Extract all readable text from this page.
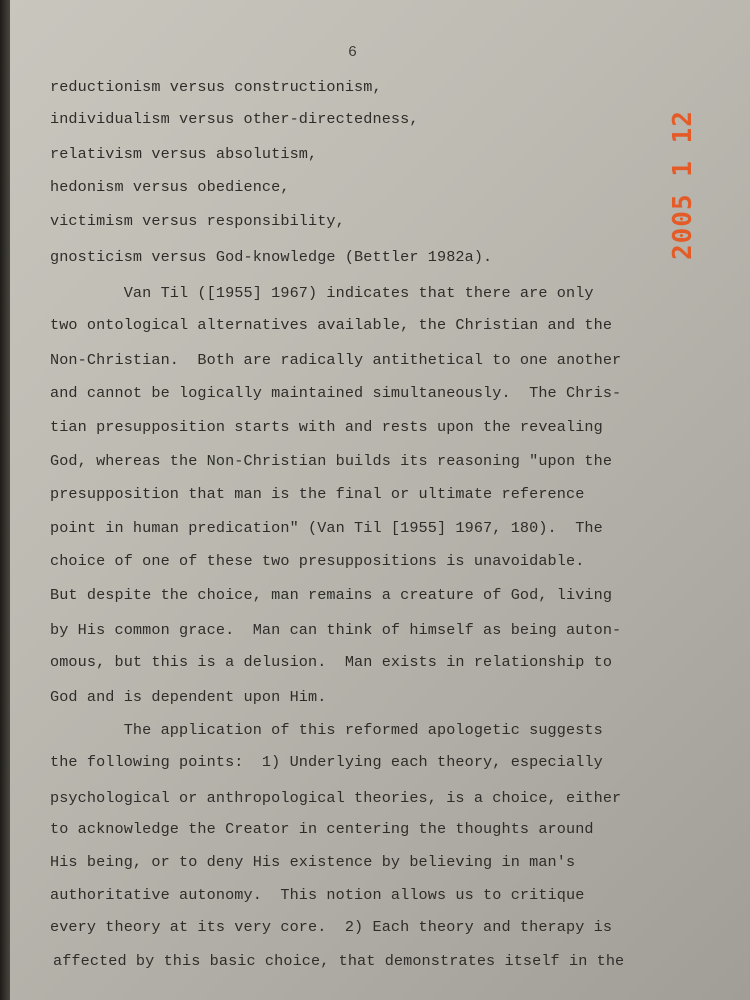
6
reductionism versus constructionism,
individualism versus other-directedness,
relativism versus absolutism,
hedonism versus obedience,
victimism versus responsibility,
gnosticism versus God-knowledge (Bettler 1982a).
Van Til ([1955] 1967) indicates that there are only
two ontological alternatives available, the Christian and the
Non-Christian.  Both are radically antithetical to one another
and cannot be logically maintained simultaneously.  The Chris-
tian presupposition starts with and rests upon the revealing
God, whereas the Non-Christian builds its reasoning "upon the
presupposition that man is the final or ultimate reference
point in human predication" (Van Til [1955] 1967, 180).  The
choice of one of these two presuppositions is unavoidable.
But despite the choice, man remains a creature of God, living
by His common grace.  Man can think of himself as being auton-
omous, but this is a delusion.  Man exists in relationship to
God and is dependent upon Him.
The application of this reformed apologetic suggests
the following points:  1) Underlying each theory, especially
psychological or anthropological theories, is a choice, either
to acknowledge the Creator in centering the thoughts around
His being, or to deny His existence by believing in man's
authoritative autonomy.  This notion allows us to critique
every theory at its very core.  2) Each theory and therapy is
affected by this basic choice, that demonstrates itself in the
2005 1 12
